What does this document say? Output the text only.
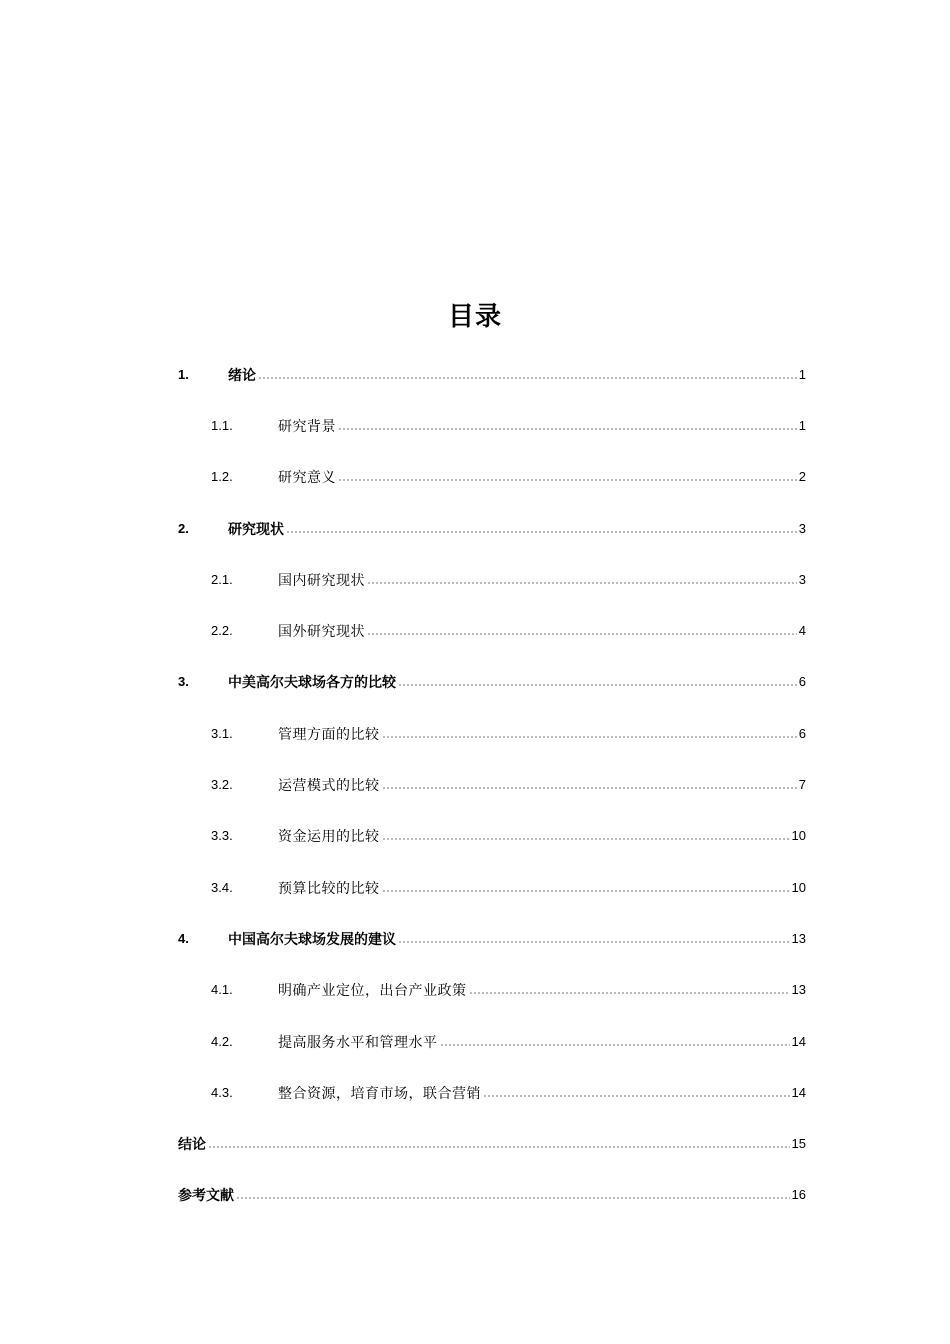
目录
1.	绪论	1
1.1.	研究背景	1
1.2.	研究意义	2
2.	研究现状	3
2.1.	国内研究现状	3
2.2.	国外研究现状	4
3.	中美高尔夫球场各方的比较	6
3.1.	管理方面的比较	6
3.2.	运营模式的比较	7
3.3.	资金运用的比较	10
3.4.	预算比较的比较	10
4.	中国高尔夫球场发展的建议	13
4.1.	明确产业定位，出台产业政策	13
4.2.	提高服务水平和管理水平	14
4.3.	整合资源，培育市场，联合营销	14
结论	15
参考文献	16
